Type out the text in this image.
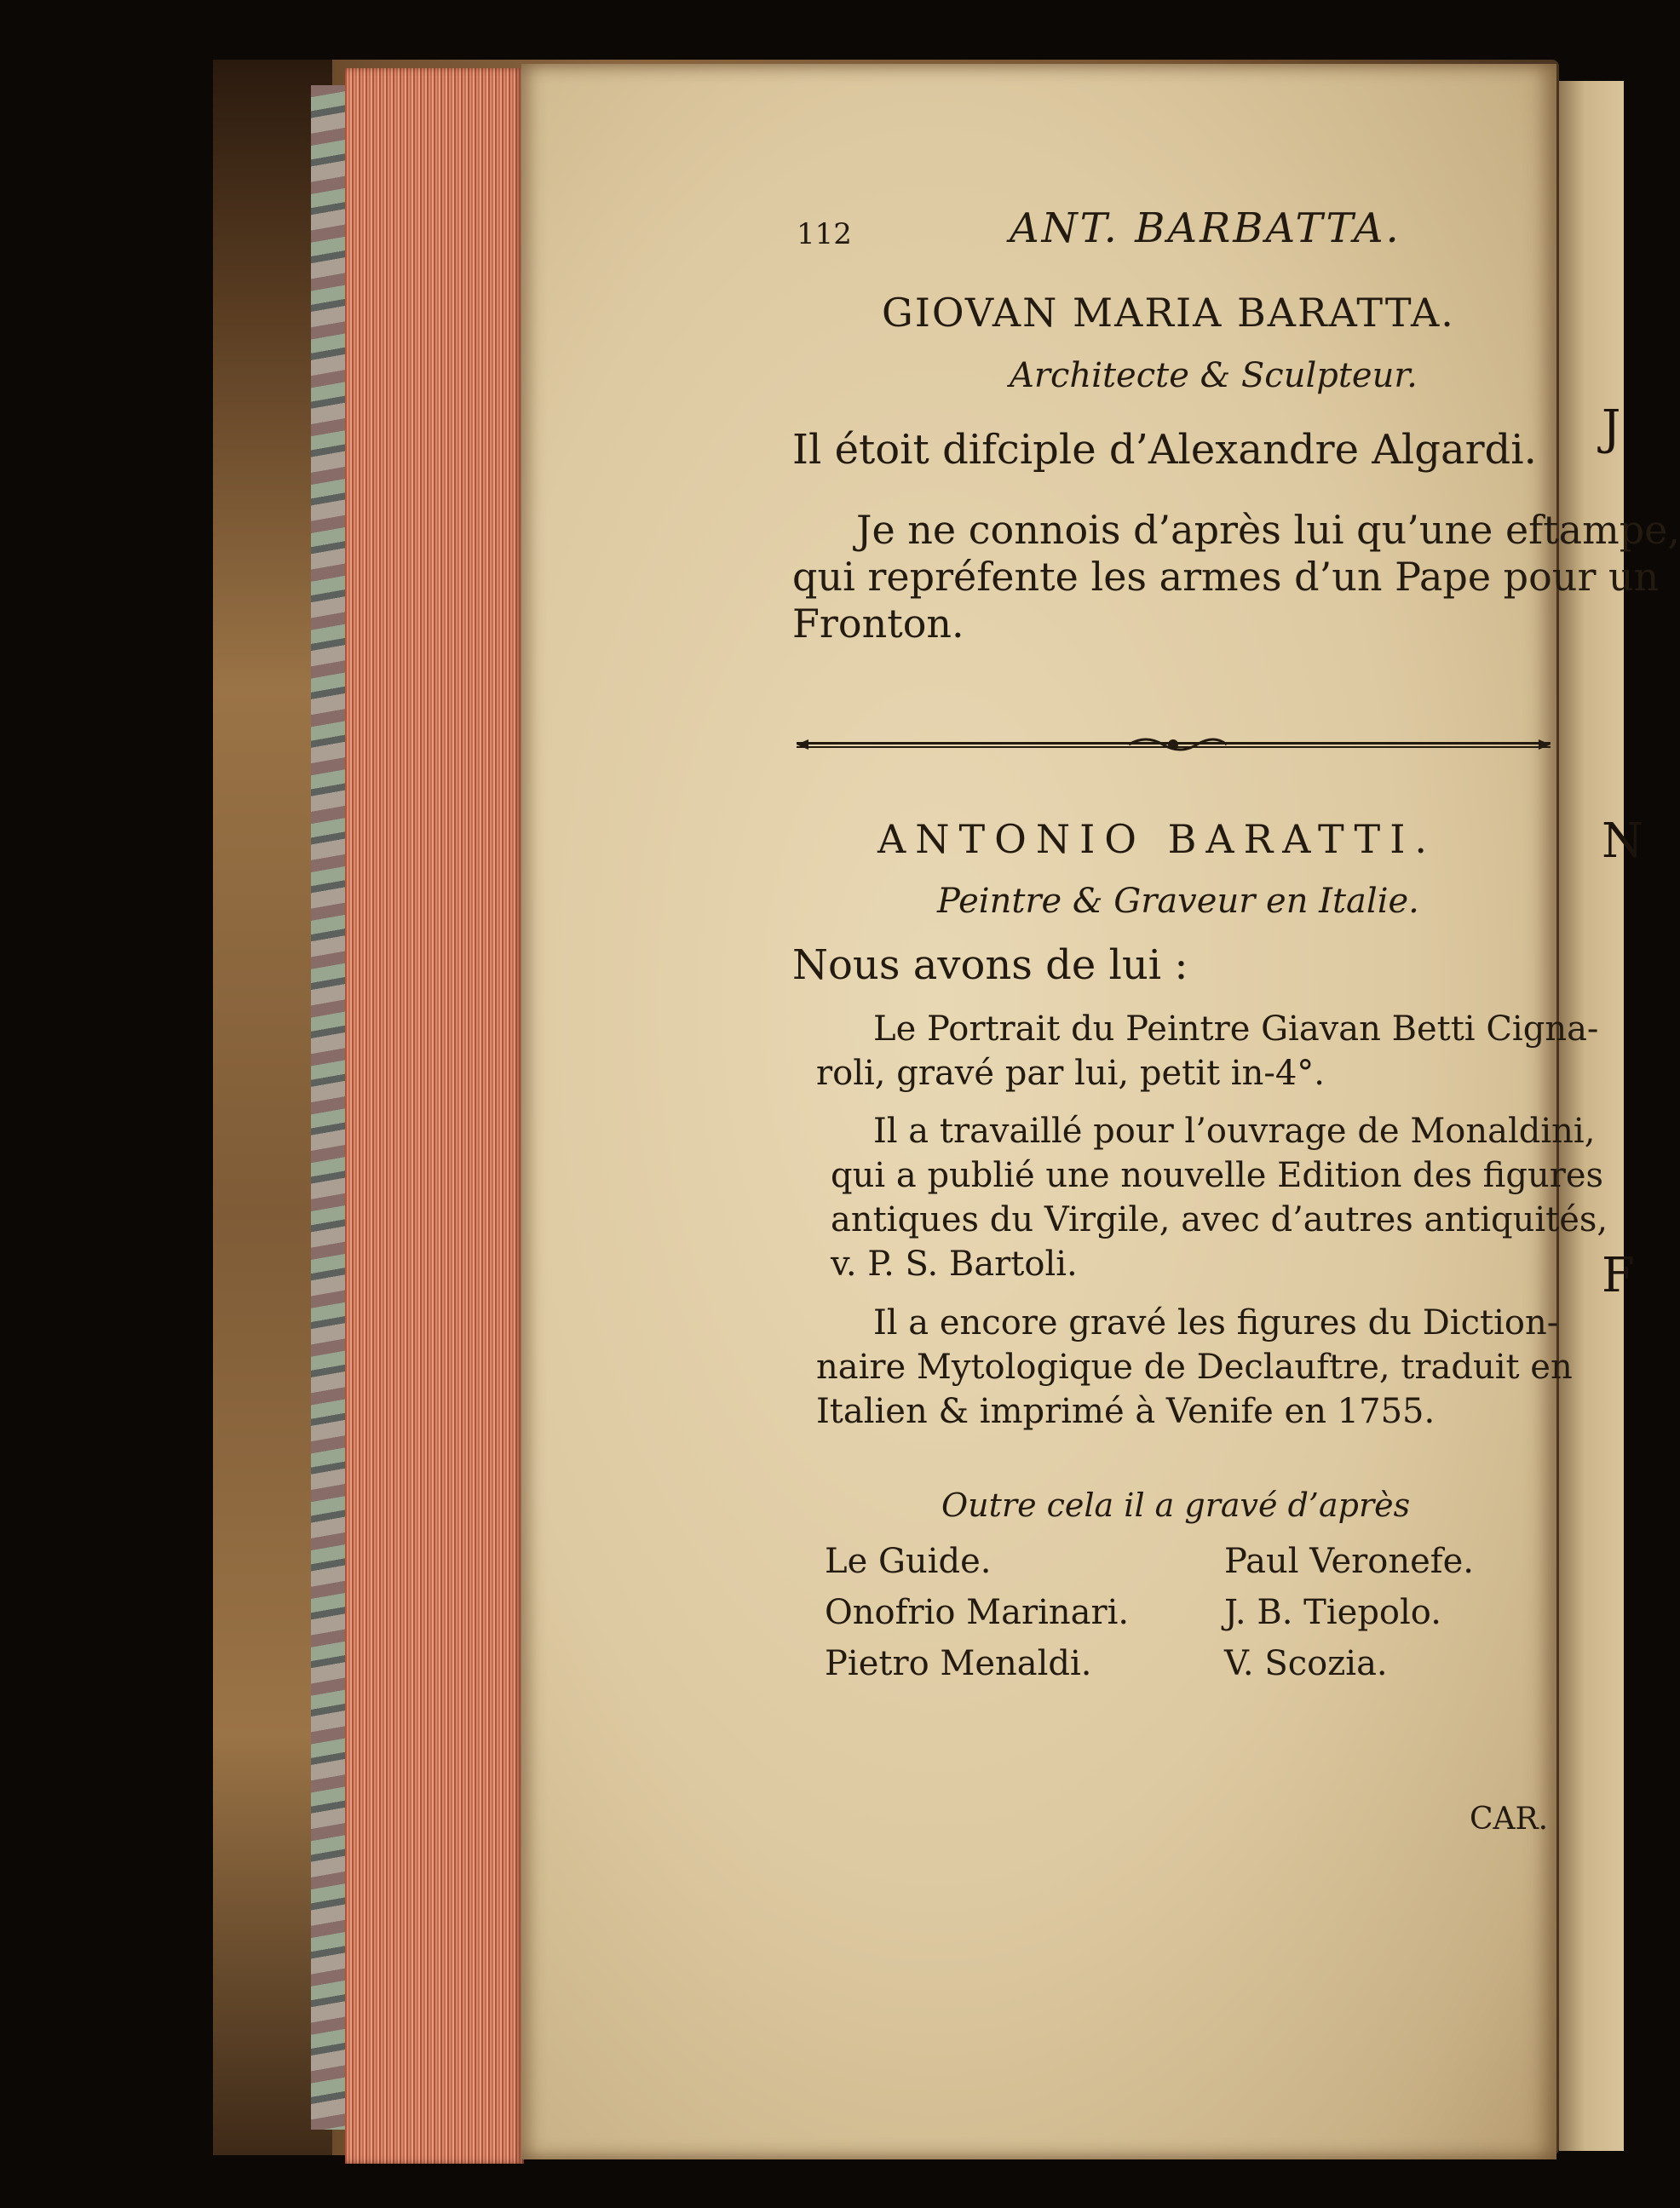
J
N
F
112	ANT. BARBATTA.
GIOVAN MARIA BARATTA.
Architecte & Sculpteur.
Il étoit difciple d’Alexandre Algardi.
Je ne connois d’après lui qu’une eftampe,
qui repréfente les armes d’un Pape pour un
Fronton.
ANTONIO BARATTI.
Peintre & Graveur en Italie.
Nous avons de lui :
Le Portrait du Peintre Giavan Betti Cigna-
roli, gravé par lui, petit in-4°.
Il a travaillé pour l’ouvrage de Monaldini,
qui a publié une nouvelle Edition des figures
antiques du Virgile, avec d’autres antiquités,
v. P. S. Bartoli.
Il a encore gravé les figures du Diction-
naire Mytologique de Declauftre, traduit en
Italien & imprimé à Venife en 1755.
Outre cela il a gravé d’après
Le Guide.	Paul Veronefe.
Onofrio Marinari.	J. B. Tiepolo.
Pietro Menaldi.	V. Scozia.
CAR.
